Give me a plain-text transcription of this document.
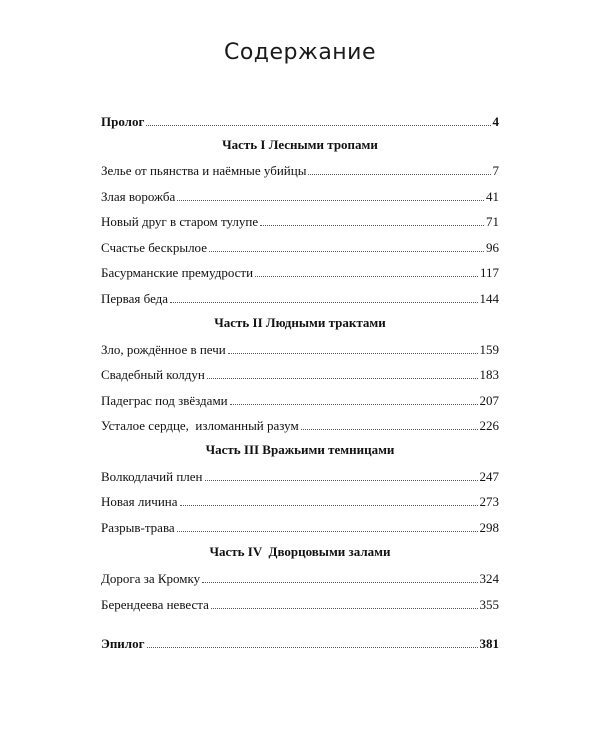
Содержание
Пролог	4
Часть I Лесными тропами
Зелье от пьянства и наёмные убийцы	7
Злая ворожба	41
Новый друг в старом тулупе	71
Счастье бескрылое	96
Басурманские премудрости	117
Первая беда	144
Часть II Людными трактами
Зло, рождённое в печи	159
Свадебный колдун	183
Падеграс под звёздами	207
Усталое сердце,  изломанный разум	226
Часть III Вражьими темницами
Волкодлачий плен	247
Новая личина	273
Разрыв-трава	298
Часть IV  Дворцовыми залами
Дорога за Кромку	324
Берендеева невеста	355
Эпилог	381
